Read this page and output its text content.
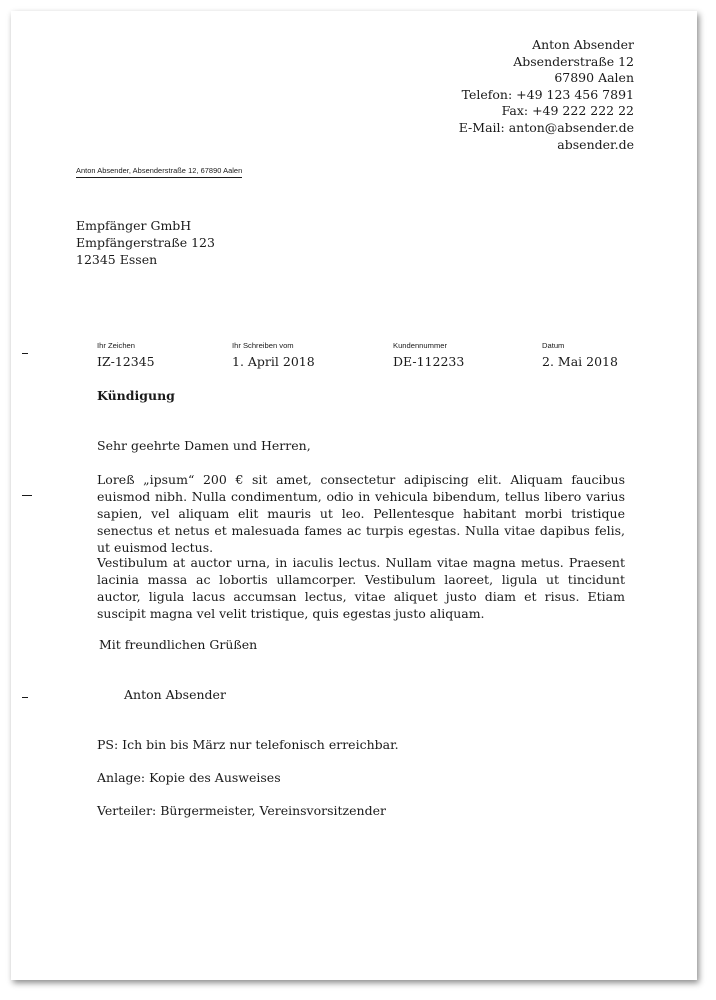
Anton Absender
Absenderstraße 12
67890 Aalen
Telefon: +49 123 456 7891
Fax: +49 222 222 22
E-Mail: anton@absender.de
absender.de
Anton Absender, Absenderstraße 12, 67890 Aalen
Empfänger GmbH
Empfängerstraße 123
12345 Essen
Ihr Zeichen
IZ-12345
Ihr Schreiben vom
1. April 2018
Kundennummer
DE-112233
Datum
2. Mai 2018
Kündigung
Sehr geehrte Damen und Herren,

Loreß „ipsum“ 200 € sit amet, consectetur adipiscing elit. Aliquam faucibus euismod nibh. Nulla condimentum, odio in vehicula bibendum, tellus libero varius sapien, vel aliquam elit mauris ut leo. Pellentesque habitant morbi tristique senectus et netus et malesuada fames ac turpis egestas. Nulla vitae dapibus felis, ut euismod lectus.

Vestibulum at auctor urna, in iaculis lectus. Nullam vitae magna metus. Praesent lacinia massa ac lobortis ullamcorper. Vestibulum laoreet, ligula ut tincidunt auctor, ligula lacus accumsan lectus, vitae aliquet justo diam et risus. Etiam suscipit magna vel velit tristique, quis egestas justo aliquam.

Mit freundlichen Grüßen
Anton Absender
PS: Ich bin bis März nur telefonisch erreichbar.
Anlage: Kopie des Ausweises
Verteiler: Bürgermeister, Vereinsvorsitzender
